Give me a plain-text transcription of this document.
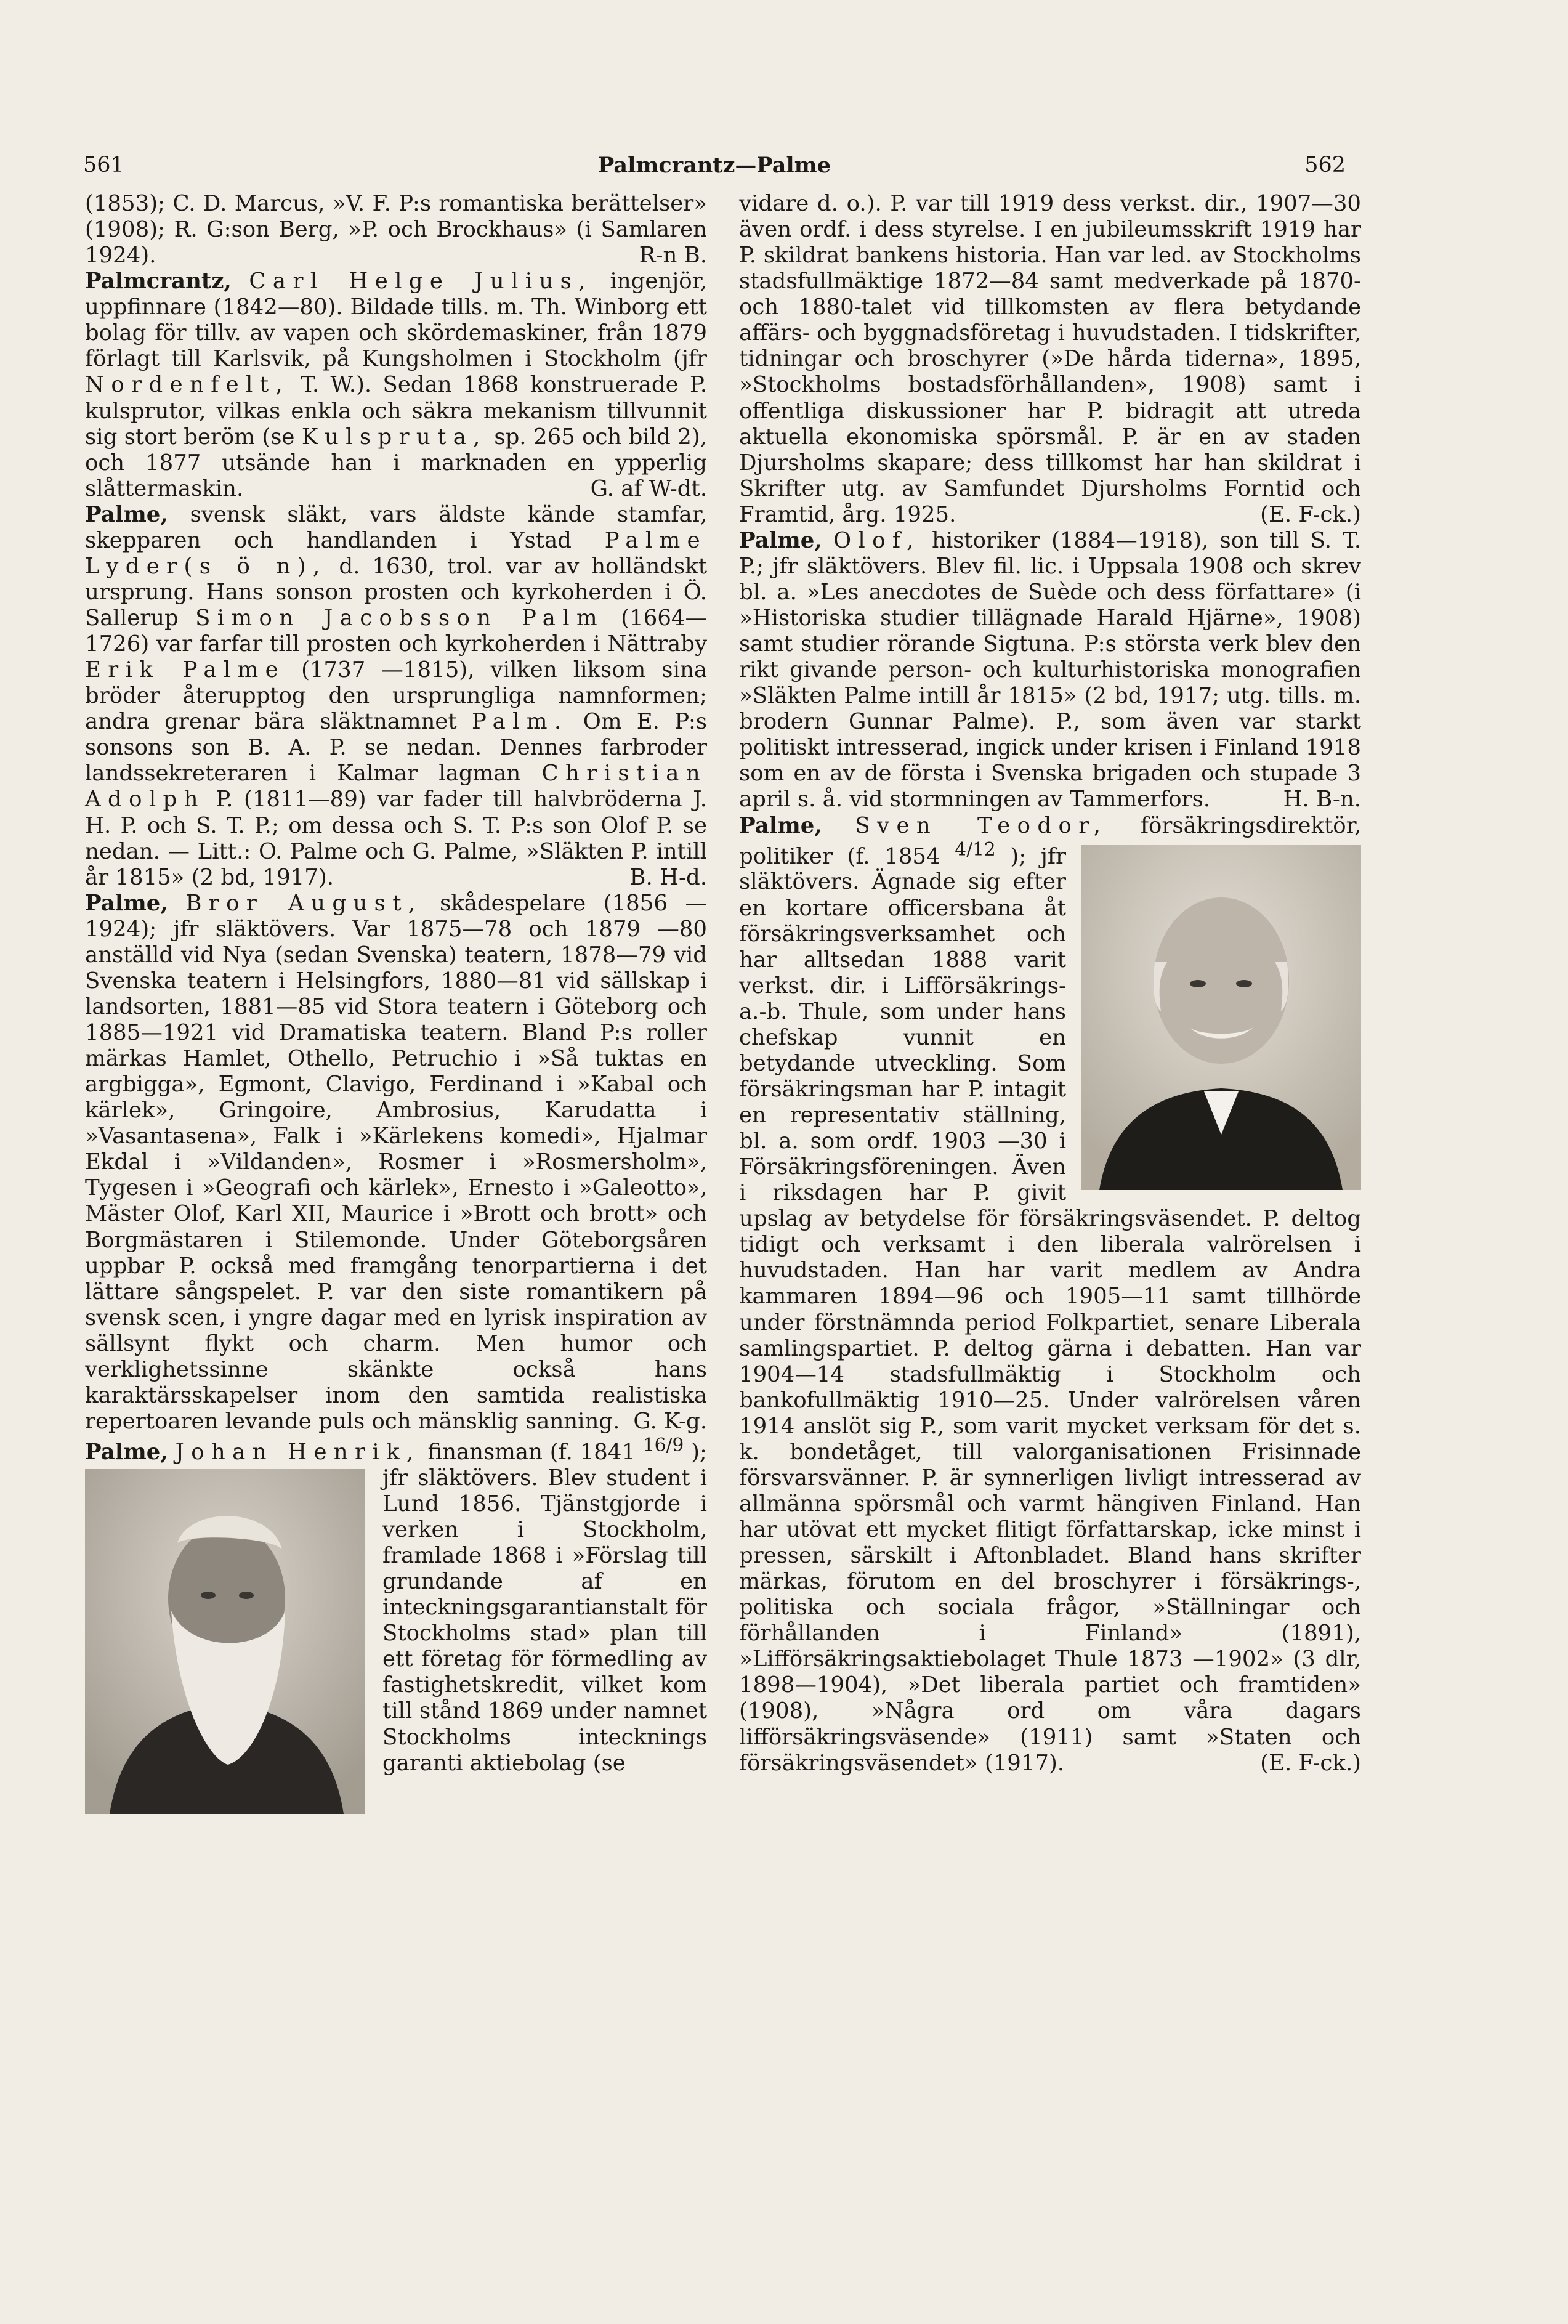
561	Palmcrantz—Palme	562

(1853); C. D. Marcus, »V. F. P:s romantiska berättelser» (1908); R. G:son Berg, »P. och Brockhaus» (i Samlaren 1924).	R-n B.

Palmcrantz, Carl Helge Julius, ingenjör, uppfinnare (1842—80). Bildade tills. m. Th. Winborg ett bolag för tillv. av vapen och skördemaskiner, från 1879 förlagt till Karlsvik, på Kungsholmen i Stockholm (jfr Nordenfelt, T. W.). Sedan 1868 konstruerade P. kulsprutor, vilkas enkla och säkra mekanism tillvunnit sig stort beröm (se Kulspruta, sp. 265 och bild 2), och 1877 utsände han i marknaden en ypperlig slåttermaskin.	G. af W-dt.

Palme, svensk släkt, vars äldste kände stamfar, skepparen och handlanden i Ystad Palme Lyder(s ö n), d. 1630, trol. var av holländskt ursprung. Hans sonson prosten och kyrkoherden i Ö. Sallerup Simon Jacobsson Palm (1664—1726) var farfar till prosten och kyrkoherden i Nättraby Erik Palme (1737 —1815), vilken liksom sina bröder återupptog den ursprungliga namnformen; andra grenar bära släktnamnet Palm. Om E. P:s sonsons son B. A. P. se nedan. Dennes farbroder landssekreteraren i Kalmar lagman Christian Adolph P. (1811—89) var fader till halvbröderna J. H. P. och S. T. P.; om dessa och S. T. P:s son Olof P. se nedan. — Litt.: O. Palme och G. Palme, »Släkten P. intill år 1815» (2 bd, 1917).	B. H-d.

Palme, Bror August, skådespelare (1856 —1924); jfr släktövers. Var 1875—78 och 1879 —80 anställd vid Nya (sedan Svenska) teatern, 1878—79 vid Svenska teatern i Helsingfors, 1880—81 vid sällskap i landsorten, 1881—85 vid Stora teatern i Göteborg och 1885—1921 vid Dramatiska teatern. Bland P:s roller märkas Hamlet, Othello, Petruchio i »Så tuktas en argbigga», Egmont, Clavigo, Ferdinand i »Kabal och kärlek», Gringoire, Ambrosius, Karudatta i »Vasantasena», Falk i »Kärlekens komedi», Hjalmar Ekdal i »Vildanden», Rosmer i »Rosmersholm», Tygesen i »Geografi och kärlek», Ernesto i »Galeotto», Mäster Olof, Karl XII, Maurice i »Brott och brott» och Borgmästaren i Stilemonde. Under Göteborgsåren uppbar P. också med framgång tenorpartierna i det lättare sångspelet. P. var den siste romantikern på svensk scen, i yngre dagar med en lyrisk inspiration av sällsynt flykt och charm. Men humor och verklighetssinne skänkte också hans karaktärsskapelser inom den samtida realistiska repertoaren levande puls och mänsklig sanning. G. K-g.

Palme, Johan Henrik, finansman (f. 1841 $^{16/9}$ ); jfr släktövers. Blev student i Lund 1856. Tjänstgjorde i verken i Stockholm, framlade 1868 i »Förslag till grundande af en inteckningsgarantianstalt för Stockholms stad» plan till ett företag för förmedling av fastighetskredit, vilket kom till stånd 1869 under namnet Stockholms intecknings garanti aktiebolag (se

vidare d. o.). P. var till 1919 dess verkst. dir., 1907—30 även ordf. i dess styrelse. I en jubileumsskrift 1919 har P. skildrat bankens historia. Han var led. av Stockholms stadsfullmäktige 1872—84 samt medverkade på 1870- och 1880-talet vid tillkomsten av flera betydande affärs- och byggnadsföretag i huvudstaden. I tidskrifter, tidningar och broschyrer (»De hårda tiderna», 1895, »Stockholms bostadsförhållanden», 1908) samt i offentliga diskussioner har P. bidragit att utreda aktuella ekonomiska spörsmål. P. är en av staden Djursholms skapare; dess tillkomst har han skildrat i Skrifter utg. av Samfundet Djursholms Forntid och Framtid, årg. 1925.	(E. F-ck.)

Palme, Olof, historiker (1884—1918), son till S. T. P.; jfr släktövers. Blev fil. lic. i Uppsala 1908 och skrev bl. a. »Les anecdotes de Suède och dess författare» (i »Historiska studier tillägnade Harald Hjärne», 1908) samt studier rörande Sigtuna. P:s största verk blev den rikt givande person- och kulturhistoriska monografien »Släkten Palme intill år 1815» (2 bd, 1917; utg. tills. m. brodern Gunnar Palme). P., som även var starkt politiskt intresserad, ingick under krisen i Finland 1918 som en av de första i Svenska brigaden och stupade 3 april s. å. vid stormningen av Tammerfors.	H. B-n.

Palme, Sven Teodor, försäkringsdirektör, politiker (f. 1854 $^{4/12}$ ); jfr släktövers. Ägnade sig efter en kortare officersbana åt försäkringsverksamhet och har alltsedan 1888 varit verkst. dir. i Lifförsäkrings-a.-b. Thule, som under hans chefskap vunnit en betydande utveckling. Som försäkringsman har P. intagit en representativ ställning, bl. a. som ordf. 1903 —30 i Försäkringsföreningen. Även i riksdagen har P. givit upslag av betydelse för försäkringsväsendet. P. deltog tidigt och verksamt i den liberala valrörelsen i huvudstaden. Han har varit medlem av Andra kammaren 1894—96 och 1905—11 samt tillhörde under förstnämnda period Folkpartiet, senare Liberala samlingspartiet. P. deltog gärna i debatten. Han var 1904—14 stadsfullmäktig i Stockholm och bankofullmäktig 1910—25. Under valrörelsen våren 1914 anslöt sig P., som varit mycket verksam för det s. k. bondetåget, till valorganisationen Frisinnade försvarsvänner. P. är synnerligen livligt intresserad av allmänna spörsmål och varmt hängiven Finland. Han har utövat ett mycket flitigt författarskap, icke minst i pressen, särskilt i Aftonbladet. Bland hans skrifter märkas, förutom en del broschyrer i försäkrings-, politiska och sociala frågor, »Ställningar och förhållanden i Finland» (1891), »Lifförsäkringsaktiebolaget Thule 1873 —1902» (3 dlr, 1898—1904), »Det liberala partiet och framtiden» (1908), »Några ord om våra dagars lifförsäkringsväsende» (1911) samt »Staten och försäkringsväsendet» (1917).	(E. F-ck.)
